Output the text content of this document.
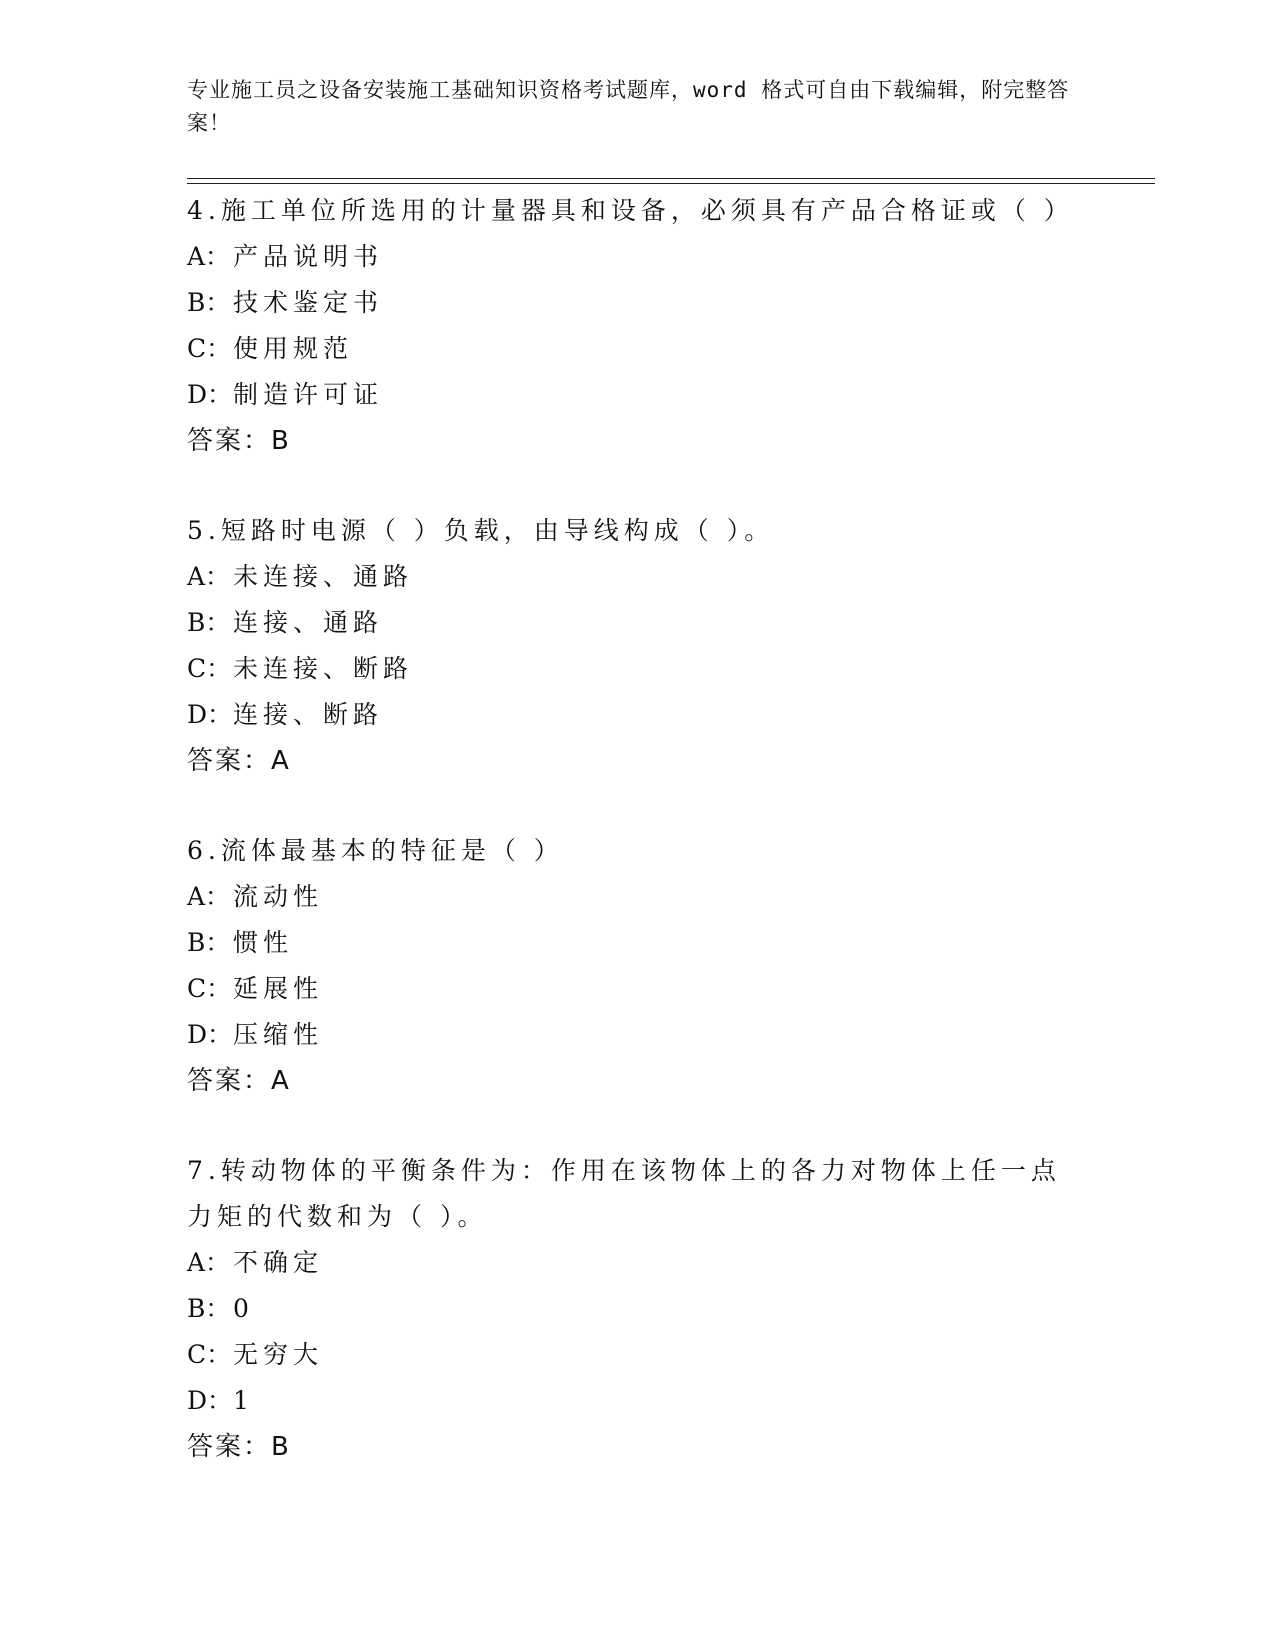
专业施工员之设备安装施工基础知识资格考试题库，word 格式可自由下载编辑，附完整答案！

4.施工单位所选用的计量器具和设备，必须具有产品合格证或（ ）

A： 产品说明书
B： 技术鉴定书
C：使用规范
D：制造许可证
答案：B

5.短路时电源（ ）负载，由导线构成（ ）。

A： 未连接、通路
B： 连接、通路
C：未连接、断路
D：连接、断路
答案：A

6.流体最基本的特征是（ ）

A： 流动性
B： 惯性
C：延展性
D：压缩性
答案：A

7.转动物体的平衡条件为：作用在该物体上的各力对物体上任一点力矩的代数和为（ ）。

A： 不确定
B： 0
C：无穷大
D：1
答案：B
